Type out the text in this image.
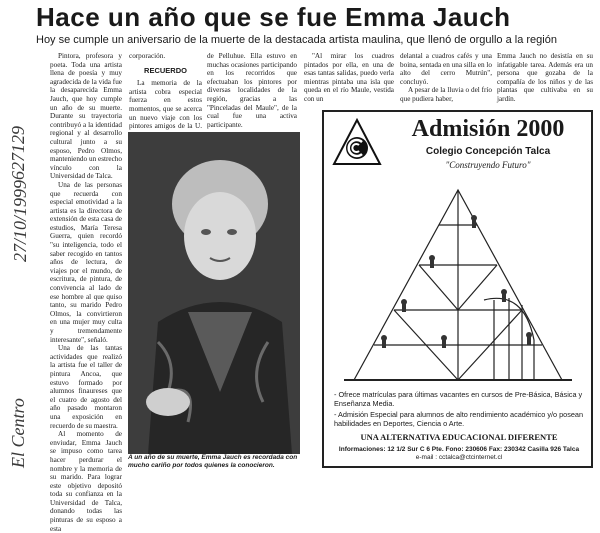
Hace un año que se fue Emma Jauch
Hoy se cumple un aniversario de la muerte de la destacada artista maulina, que llenó de orgullo a la región
27/10/1999
627129
El Centro

Pintora, profesora y poeta. Toda una artista llena de poesía y muy agradecida de la vida fue la desaparecida Emma Jauch, que hoy cumple un año de su muerte. Durante su trayectoria contribuyó a la identidad regional y al desarrollo cultural junto a su esposo, Pedro Olmos, manteniendo un estrecho vínculo con la Universidad de Talca.

Una de las personas que recuerda con especial emotividad a la artista es la directora de extensión de esta casa de estudios, María Teresa Guerra, quien recordó "su inteligencia, todo el saber recogido en tantos años de lectura, de viajes por el mundo, de escritura, de pintura, de convivencia al lado de ese hombre al que quiso tanto, su marido Pedro Olmos, la convirtieron en una mujer muy culta y tremendamente interesante", señaló.

Una de las tantas actividades que realizó la artista fue el taller de pintura Ancoa, que estuvo formado por alumnos finaureses que el cuatro de agosto del año pasado montaron una exposición en recuerdo de su maestra.

Al momento de enviudar, Emma Jauch se impuso como tarea hacer perdurar el nombre y la memoria de su marido. Para lograr este objetivo depositó toda su confianza en la Universidad de Talca, donando todas las pinturas de su esposo a esta

corporación.

RECUERDO

La memoria de la artista cobra especial fuerza en estos momentos, que se acerca un nuevo viaje con los pintores amigos de la U.

de Pelluhue. Ella estuvo en muchas ocasiones participando en los recorridos que efectuaban los pintores por diversas localidades de la región, gracias a las "Pinceladas del Maule", de la cual fue una activa participante.

"Al mirar los cuadros pintados por ella, en una de esas tantas salidas, puedo verla mientras pintaba una isla que queda en el río Maule, vestida con un

delantal a cuadros cafés y una boina, sentada en una silla en lo alto del cerro Mutrún", concluyó.

A pesar de la lluvia o del frío que pudiera haber,

Emma Jauch no desistía en su infatigable tarea. Además era un persona que gozaba de la compañía de los niños y de las plantas que cultivaba en su jardín.

A un año de su muerte, Emma Jauch es recordada con mucho cariño por todos quienes la conocieron.
Admisión 2000
Colegio Concepción Talca
"Construyendo Futuro"

- Ofrece matrículas para últimas vacantes en cursos de Pre-Básica, Básica y Enseñanza Media.

- Admisión Especial para alumnos de alto rendimiento académico y/o posean habilidades en Deportes, Ciencia o Arte.

UNA ALTERNATIVA EDUCACIONAL DIFERENTE
Informaciones: 12 1/2 Sur C 6 Pte. Fono: 230606 Fax: 230342 Casilla 926 Talca
e-mail : cctalca@ctcinternet.cl
